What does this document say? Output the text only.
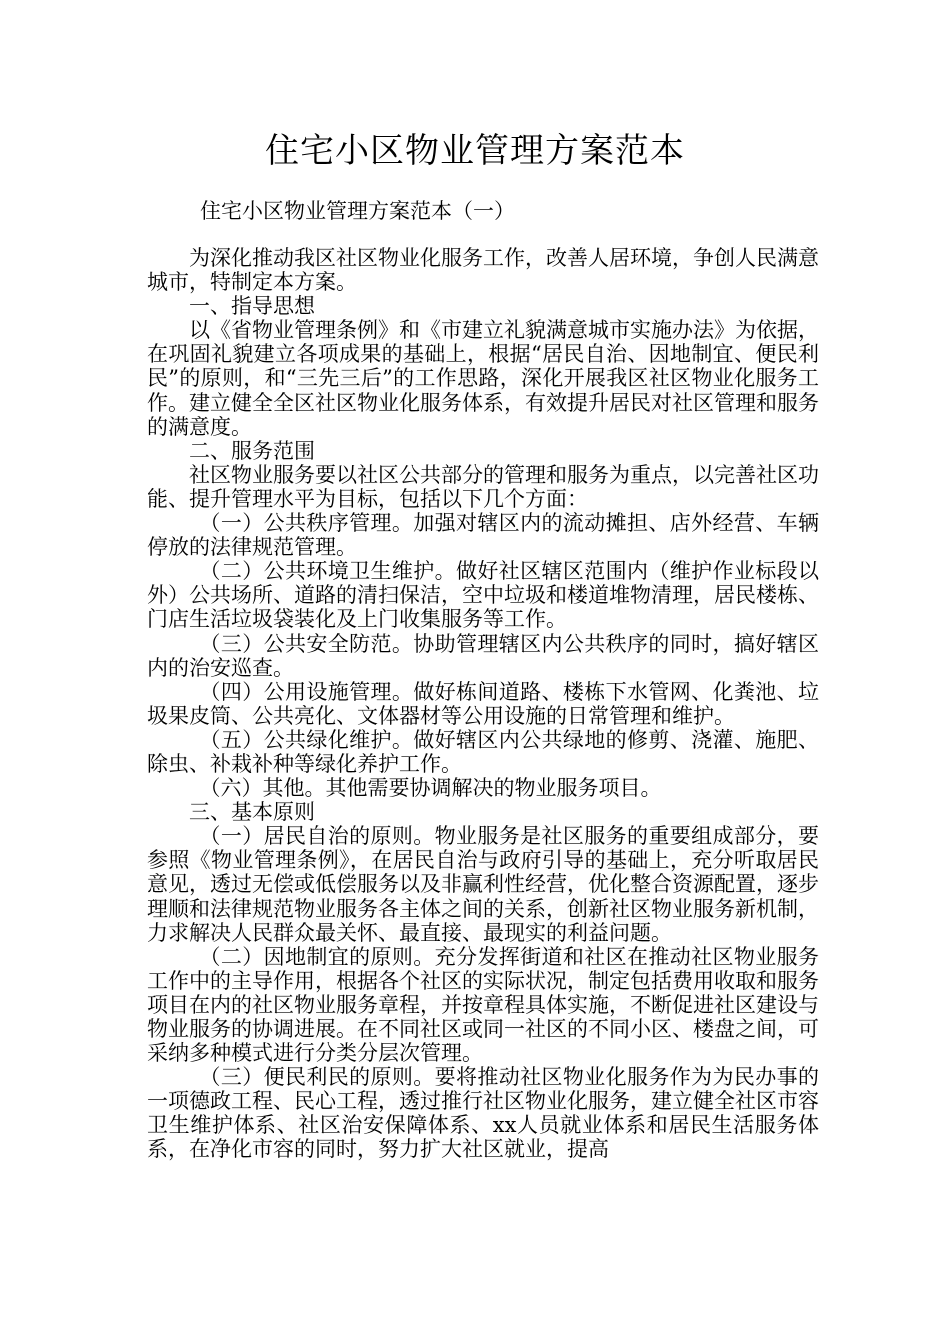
住宅小区物业管理方案范本
住宅小区物业管理方案范本（一）

为深化推动我区社区物业化服务工作，改善人居环境，争创人民满意城市，特制定本方案。

一、指导思想

以《省物业管理条例》和《市建立礼貌满意城市实施办法》为依据，在巩固礼貌建立各项成果的基础上，根据“居民自治、因地制宜、便民利民”的原则，和“三先三后”的工作思路，深化开展我区社区物业化服务工作。建立健全全区社区物业化服务体系，有效提升居民对社区管理和服务的满意度。

二、服务范围

社区物业服务要以社区公共部分的管理和服务为重点，以完善社区功能、提升管理水平为目标，包括以下几个方面：

（一）公共秩序管理。加强对辖区内的流动摊担、店外经营、车辆停放的法律规范管理。

（二）公共环境卫生维护。做好社区辖区范围内（维护作业标段以外）公共场所、道路的清扫保洁，空中垃圾和楼道堆物清理，居民楼栋、门店生活垃圾袋装化及上门收集服务等工作。

（三）公共安全防范。协助管理辖区内公共秩序的同时，搞好辖区内的治安巡查。

（四）公用设施管理。做好栋间道路、楼栋下水管网、化粪池、垃圾果皮筒、公共亮化、文体器材等公用设施的日常管理和维护。

（五）公共绿化维护。做好辖区内公共绿地的修剪、浇灌、施肥、除虫、补栽补种等绿化养护工作。

（六）其他。其他需要协调解决的物业服务项目。

三、基本原则

（一）居民自治的原则。物业服务是社区服务的重要组成部分，要参照《物业管理条例》，在居民自治与政府引导的基础上，充分听取居民意见，透过无偿或低偿服务以及非赢利性经营，优化整合资源配置，逐步理顺和法律规范物业服务各主体之间的关系，创新社区物业服务新机制，力求解决人民群众最关怀、最直接、最现实的利益问题。

（二）因地制宜的原则。充分发挥街道和社区在推动社区物业服务工作中的主导作用，根据各个社区的实际状况，制定包括费用收取和服务项目在内的社区物业服务章程，并按章程具体实施，不断促进社区建设与物业服务的协调进展。在不同社区或同一社区的不同小区、楼盘之间，可采纳多种模式进行分类分层次管理。

（三）便民利民的原则。要将推动社区物业化服务作为为民办事的一项德政工程、民心工程，透过推行社区物业化服务，建立健全社区市容卫生维护体系、社区治安保障体系、xx人员就业体系和居民生活服务体系，在净化市容的同时，努力扩大社区就业，提高
